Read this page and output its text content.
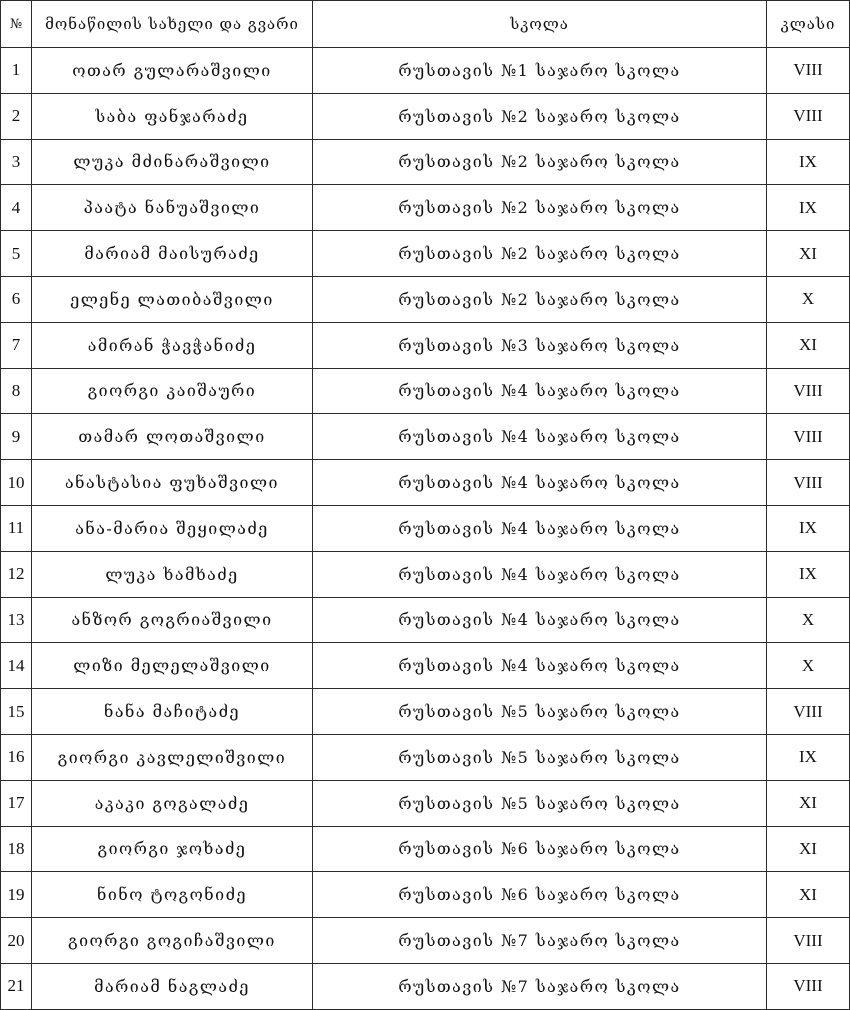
№	მონაწილის სახელი და გვარი	სკოლა	კლასი
1	ოთარ გულარაშვილი	რუსთავის №1 საჯარო სკოლა	VIII
2	საბა ფანჯარაძე	რუსთავის №2 საჯარო სკოლა	VIII
3	ლუკა მძინარაშვილი	რუსთავის №2 საჯარო სკოლა	IX
4	პაატა ნანუაშვილი	რუსთავის №2 საჯარო სკოლა	IX
5	მარიამ მაისურაძე	რუსთავის №2 საჯარო სკოლა	XI
6	ელენე ლათიბაშვილი	რუსთავის №2 საჯარო სკოლა	X
7	ამირან ჭავჭანიძე	რუსთავის №3 საჯარო სკოლა	XI
8	გიორგი კაიშაური	რუსთავის №4 საჯარო სკოლა	VIII
9	თამარ ლოთაშვილი	რუსთავის №4 საჯარო სკოლა	VIII
10	ანასტასია ფუხაშვილი	რუსთავის №4 საჯარო სკოლა	VIII
11	ანა-მარია შეყილაძე	რუსთავის №4 საჯარო სკოლა	IX
12	ლუკა ხამხაძე	რუსთავის №4 საჯარო სკოლა	IX
13	ანზორ გოგრიაშვილი	რუსთავის №4 საჯარო სკოლა	X
14	ლიზი მელელაშვილი	რუსთავის №4 საჯარო სკოლა	X
15	ნანა მაჩიტაძე	რუსთავის №5 საჯარო სკოლა	VIII
16	გიორგი კავლელიშვილი	რუსთავის №5 საჯარო სკოლა	IX
17	აკაკი გოგალაძე	რუსთავის №5 საჯარო სკოლა	XI
18	გიორგი ჯოხაძე	რუსთავის №6 საჯარო სკოლა	XI
19	ნინო ტოგონიძე	რუსთავის №6 საჯარო სკოლა	XI
20	გიორგი გოგიჩაშვილი	რუსთავის №7 საჯარო სკოლა	VIII
21	მარიამ ნაგლაძე	რუსთავის №7 საჯარო სკოლა	VIII
